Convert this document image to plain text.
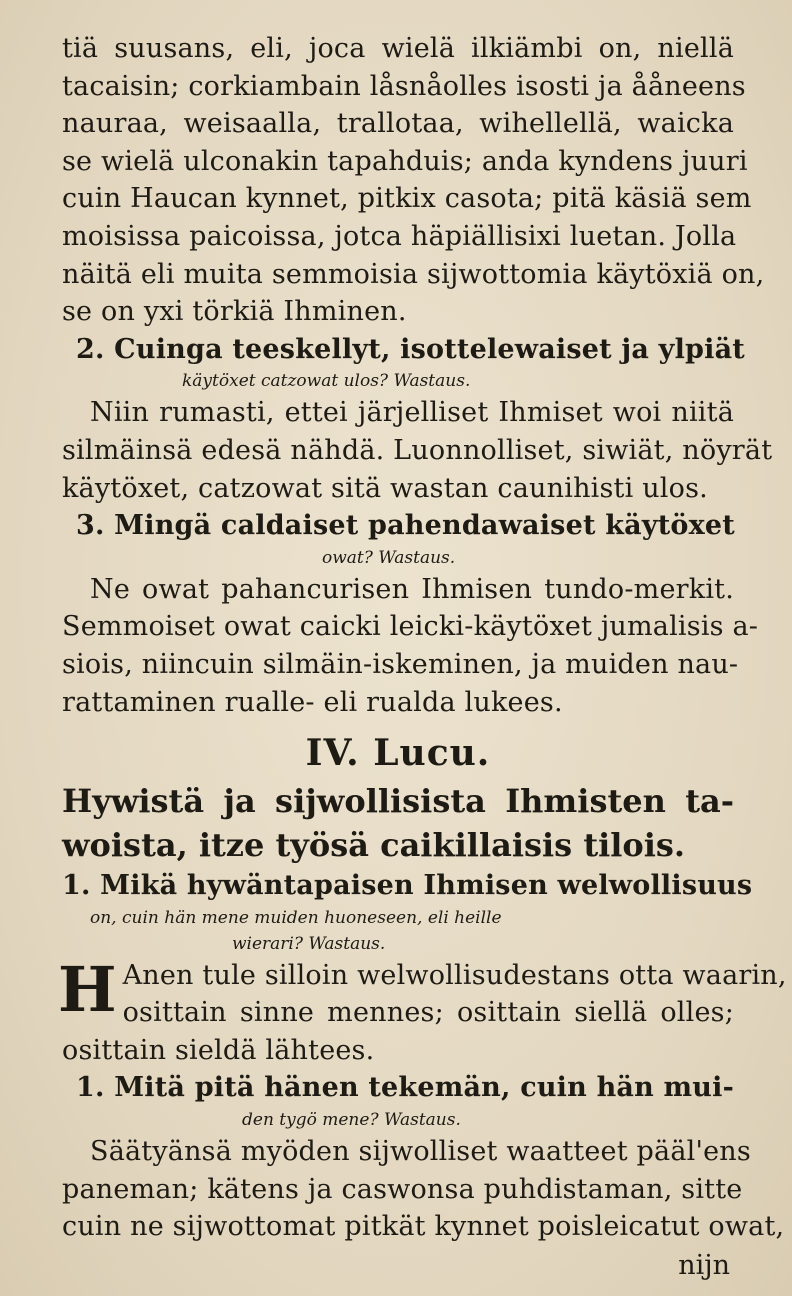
tiä suusans, eli, joca wielä ilkiämbi on, niellä
tacaisin; corkiambain låsnåolles isosti ja ååneens
nauraa, weisaalla, trallotaa, wihellellä, waicka
se wielä ulconakin tapahduis; anda kyndens juuri
cuin Haucan kynnet, pitkix casota; pitä käsiä sem
moisissa paicoissa, jotca häpiällisixi luetan. Jolla
näitä eli muita semmoisia sijwottomia käytöxiä on,
se on yxi törkiä Ihminen.
2. Cuinga teeskellyt, isottelewaiset ja ylpiät
käytöxet catzowat ulos? Wastaus.
Niin rumasti, ettei järjelliset Ihmiset woi niitä
silmäinsä edesä nähdä. Luonnolliset, siwiät, nöyrät
käytöxet, catzowat sitä wastan caunihisti ulos.
3. Mingä caldaiset pahendawaiset käytöxet
owat? Wastaus.
Ne owat pahancurisen Ihmisen tundo-merkit.
Semmoiset owat caicki leicki-käytöxet jumalisis a-
siois, niincuin silmäin-iskeminen, ja muiden nau-
rattaminen rualle- eli rualda lukees.
IV. Lucu.
Hywistä ja sijwollisista Ihmisten ta-
woista, itze työsä caikillaisis tilois.
1. Mikä hywäntapaisen Ihmisen welwollisuus
on, cuin hän mene muiden huoneseen, eli heille
wierari? Wastaus.
H Anen tule silloin welwollisudestans otta waarin,
osittain sinne mennes; osittain siellä olles;
osittain sieldä lähtees.
1. Mitä pitä hänen tekemän, cuin hän mui-
den tygö mene? Wastaus.
Säätyänsä myöden sijwolliset waatteet pääl'ens
paneman; kätens ja caswonsa puhdistaman, sitte
cuin ne sijwottomat pitkät kynnet poisleicatut owat,
nijn
